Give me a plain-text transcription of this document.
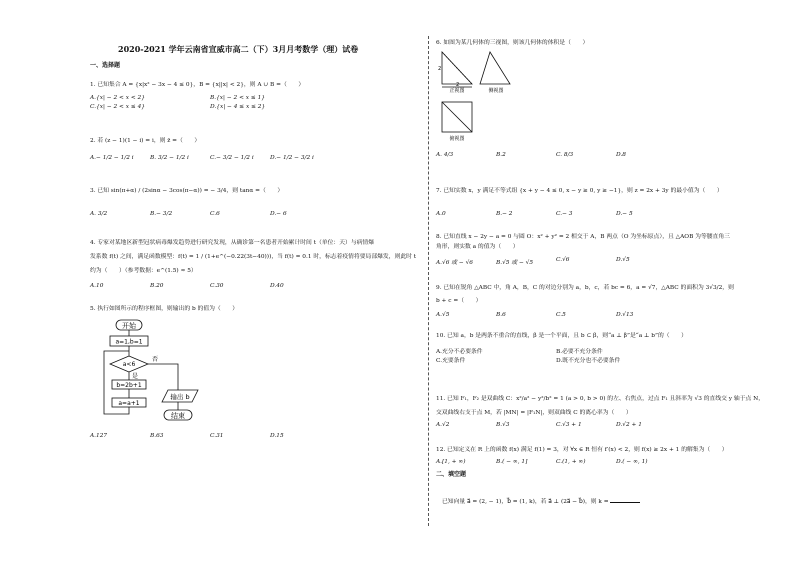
2020-2021 学年云南省宣威市高二（下）3月月考数学（理）试卷
一、选择题
1. 已知集合 A = {x|x² − 3x − 4 ≤ 0}，B = {x||x| < 2}，则 A ∪ B =（　　）
A.{x| − 2 < x < 2}	B.{x| − 2 < x ≤ 1}
C.{x| − 2 < x ≤ 4}	D.{x| − 4 ≤ x ≤ 2}
2. 若 (z − 1)(1 − i) = i，则 z̄ =（　　）
A.− 1/2 − 1/2 i	B. 3/2 − 1/2 i	C.− 3/2 − 1/2 i	D.− 1/2 − 3/2 i
3. 已知 sin(π+α) / (2sinα − 3cos(π−α)) = − 3/4，则 tanα =（　　）
A. 3/2	B.− 3/2	C.6	D.− 6
4. 专家对某地区新型冠状病毒爆发趋势进行研究发现，从确诊第一名患者开始累计时间 t（单位：天）与病情爆
发系数 f(t) 之间，满足函数模型：f(t) = 1 / (1+e^(−0.22(3t−40)))，当 f(t) = 0.1 时，标志着疫情将要局部爆发，则此时 t
约为（　　）（参考数据：e^(1.5) ≈ 5）
A.10	B.20	C.30	D.40
5. 执行如图所示的程序框图，则输出的 b 的值为（　　）
开始
a=1,b=1
a<6
否
是
b=2b+1
a=a+1
输出 b
结束
A.127	B.63	C.31	D.15
6. 如图为某几何体的三视图，则该几何体的体积是（　　）
正视图	侧视图
俯视图
2
2
A. 4/3	B.2	C. 8/3	D.8
7. 已知实数 x，y 满足不等式组 {x + y − 4 ≤ 0, x − y ≥ 0, y ≥ −1}，则 z = 2x + 3y 的最小值为（　　）
A.0	B.− 2	C.− 3	D.− 5
8. 已知直线 x − 2y − a = 0 与圆 O：x² + y² = 2 相交于 A，B 两点（O 为坐标原点），且 △AOB 为等腰直角三
角形，则实数 a 的值为（　　）
A.√6 或 − √6	B.√5 或 − √5	C.√6	D.√5
9. 已知在锐角 △ABC 中，角 A，B，C 的对边分别为 a，b，c，若 bc = 6，a = √7，△ABC 的面积为 3√3/2，则
b + c =（　　）
A.√5	B.6	C.5	D.√13
10. 已知 a，b 是两条不重合的直线，β 是一个平面，且 b ⊂ β，则“a ⊥ β”是“a ⊥ b”的（　　）
A.充分不必要条件	B.必要不充分条件
C.充要条件	D.既不充分也不必要条件
11. 已知 F₁，F₂ 是双曲线 C：x²/a² − y²/b² = 1 (a > 0, b > 0) 的左、右焦点，过点 F₁ 且斜率为 √3 的直线交 y 轴于点 N，
交双曲线右支于点 M，若 |MN| = |F₁N|，则双曲线 C 的离心率为（　　）
A.√2	B.√3	C.√3 + 1	D.√2 + 1
12. 已知定义在 R 上的函数 f(x) 满足 f(1) = 3，对 ∀x ∈ R 恒有 f′(x) < 2，则 f(x) ≥ 2x + 1 的解集为（　　）
A.[1, + ∞)	B.( − ∞, 1]	C.(1, + ∞)	D.( − ∞, 1)
二、填空题
已知向量 a⃗ = (2, − 1)，b⃗ = (1, k)，若 a⃗ ⊥ (2a⃗ − b⃗)，则 k =
